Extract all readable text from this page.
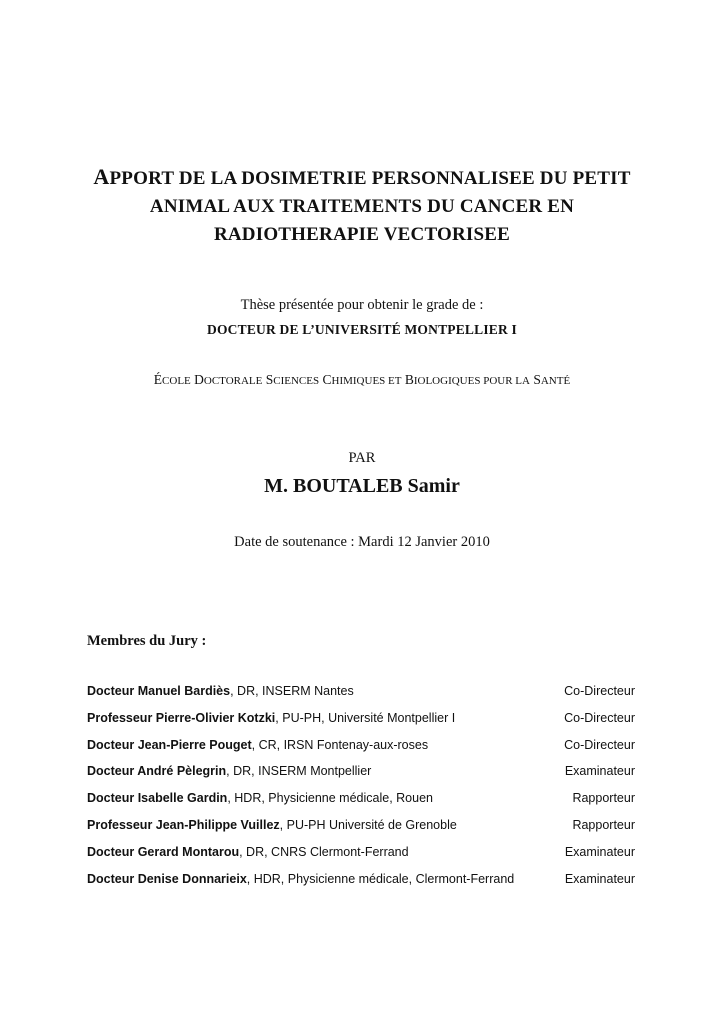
APPORT DE LA DOSIMETRIE PERSONNALISEE DU PETIT
ANIMAL AUX TRAITEMENTS DU CANCER EN
RADIOTHERAPIE VECTORISEE
Thèse présentée pour obtenir le grade de :
DOCTEUR DE L’UNIVERSITÉ MONTPELLIER I
ÉCOLE DOCTORALE SCIENCES CHIMIQUES ET BIOLOGIQUES POUR LA SANTÉ
PAR
M. BOUTALEB Samir
Date de soutenance : Mardi 12 Janvier 2010
Membres du Jury :
Docteur Manuel Bardiès, DR, INSERM Nantes	Co-Directeur
Professeur Pierre-Olivier Kotzki, PU-PH, Université Montpellier I	Co-Directeur
Docteur Jean-Pierre Pouget, CR, IRSN Fontenay-aux-roses	Co-Directeur
Docteur André Pèlegrin, DR, INSERM Montpellier	Examinateur
Docteur Isabelle Gardin, HDR, Physicienne médicale, Rouen	Rapporteur
Professeur Jean-Philippe Vuillez, PU-PH Université de Grenoble	Rapporteur
Docteur Gerard Montarou, DR, CNRS Clermont-Ferrand	Examinateur
Docteur Denise Donnarieix, HDR, Physicienne médicale, Clermont-Ferrand	Examinateur
